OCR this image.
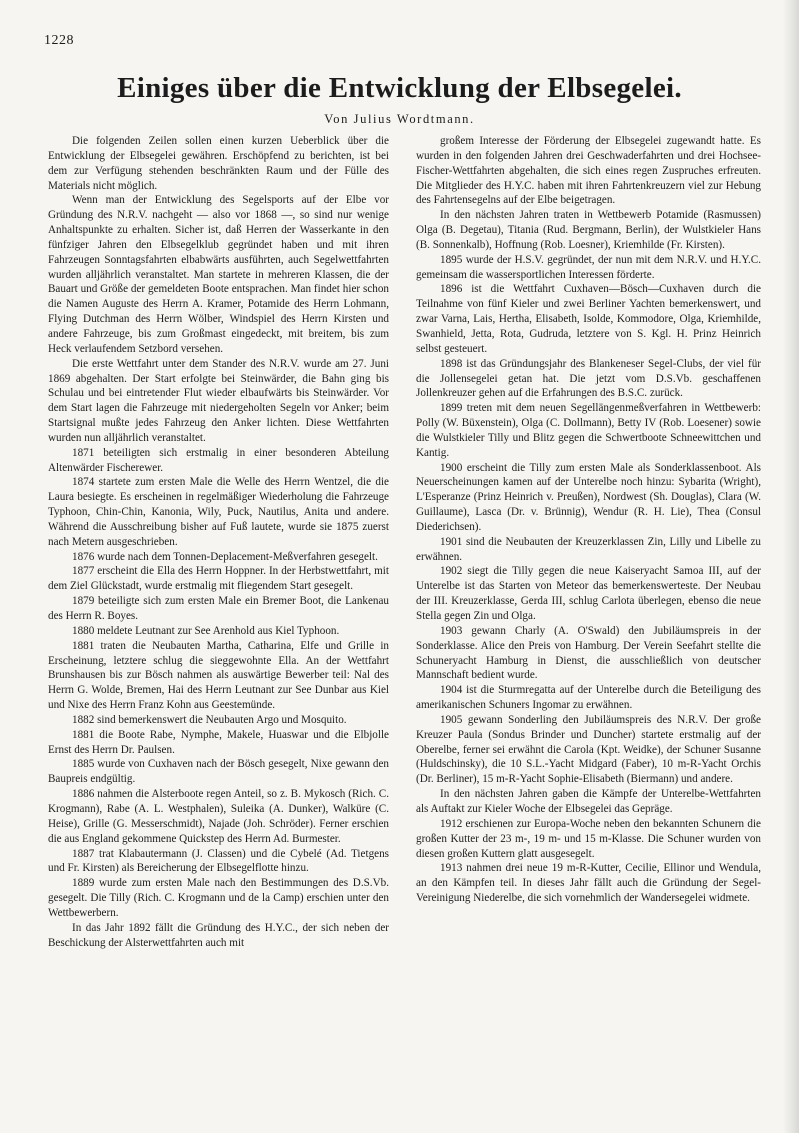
1228
Einiges über die Entwicklung der Elbsegelei.
Von Julius Wordtmann.

Die folgenden Zeilen sollen einen kurzen Ueberblick über die Entwicklung der Elbsegelei gewähren. Erschöpfend zu berichten, ist bei dem zur Verfügung stehenden beschränkten Raum und der Fülle des Materials nicht möglich.

Wenn man der Entwicklung des Segelsports auf der Elbe vor Gründung des N.R.V. nachgeht — also vor 1868 —, so sind nur wenige Anhaltspunkte zu erhalten. Sicher ist, daß Herren der Wasserkante in den fünfziger Jahren den Elbsegelklub gegründet haben und mit ihren Fahrzeugen Sonntagsfahrten elbabwärts ausführten, auch Segelwettfahrten wurden alljährlich veranstaltet. Man startete in mehreren Klassen, die der Bauart und Größe der gemeldeten Boote entsprachen. Man findet hier schon die Namen Auguste des Herrn A. Kramer, Potamide des Herrn Lohmann, Flying Dutchman des Herrn Wölber, Windspiel des Herrn Kirsten und andere Fahrzeuge, bis zum Großmast eingedeckt, mit breitem, bis zum Heck verlaufendem Setzbord versehen.

Die erste Wettfahrt unter dem Stander des N.R.V. wurde am 27. Juni 1869 abgehalten. Der Start erfolgte bei Steinwärder, die Bahn ging bis Schulau und bei eintretender Flut wieder elbaufwärts bis Steinwärder. Vor dem Start lagen die Fahrzeuge mit niedergeholten Segeln vor Anker; beim Startsignal mußte jedes Fahrzeug den Anker lichten. Diese Wettfahrten wurden nun alljährlich veranstaltet.

1871 beteiligten sich erstmalig in einer besonderen Abteilung Altenwärder Fischerewer.

1874 startete zum ersten Male die Welle des Herrn Wentzel, die die Laura besiegte. Es erscheinen in regelmäßiger Wiederholung die Fahrzeuge Typhoon, Chin-Chin, Kanonia, Wily, Puck, Nautilus, Anita und andere. Während die Ausschreibung bisher auf Fuß lautete, wurde sie 1875 zuerst nach Metern ausgeschrieben.

1876 wurde nach dem Tonnen-Deplacement-Meßverfahren gesegelt.

1877 erscheint die Ella des Herrn Hoppner. In der Herbstwettfahrt, mit dem Ziel Glückstadt, wurde erstmalig mit fliegendem Start gesegelt.

1879 beteiligte sich zum ersten Male ein Bremer Boot, die Lankenau des Herrn R. Boyes.

1880 meldete Leutnant zur See Arenhold aus Kiel Typhoon.

1881 traten die Neubauten Martha, Catharina, Elfe und Grille in Erscheinung, letztere schlug die sieggewohnte Ella. An der Wettfahrt Brunshausen bis zur Bösch nahmen als auswärtige Bewerber teil: Nal des Herrn G. Wolde, Bremen, Hai des Herrn Leutnant zur See Dunbar aus Kiel und Nixe des Herrn Franz Kohn aus Geestemünde.

1882 sind bemerkenswert die Neubauten Argo und Mosquito.

1881 die Boote Rabe, Nymphe, Makele, Huaswar und die Elbjolle Ernst des Herrn Dr. Paulsen.

1885 wurde von Cuxhaven nach der Bösch gesegelt, Nixe gewann den Baupreis endgültig.

1886 nahmen die Alsterboote regen Anteil, so z. B. Mykosch (Rich. C. Krogmann), Rabe (A. L. Westphalen), Suleika (A. Dunker), Walküre (C. Heise), Grille (G. Messerschmidt), Najade (Joh. Schröder). Ferner erschien die aus England gekommene Quickstep des Herrn Ad. Burmester.

1887 trat Klabautermann (J. Classen) und die Cybelé (Ad. Tietgens und Fr. Kirsten) als Bereicherung der Elbsegelflotte hinzu.

1889 wurde zum ersten Male nach den Bestimmungen des D.S.Vb. gesegelt. Die Tilly (Rich. C. Krogmann und de la Camp) erschien unter den Wettbewerbern.

In das Jahr 1892 fällt die Gründung des H.Y.C., der sich neben der Beschickung der Alsterwettfahrten auch mit

großem Interesse der Förderung der Elbsegelei zugewandt hatte. Es wurden in den folgenden Jahren drei Geschwaderfahrten und drei Hochsee-Fischer-Wettfahrten abgehalten, die sich eines regen Zuspruches erfreuten. Die Mitglieder des H.Y.C. haben mit ihren Fahrtenkreuzern viel zur Hebung des Fahrtensegelns auf der Elbe beigetragen.

In den nächsten Jahren traten in Wettbewerb Potamide (Rasmussen) Olga (B. Degetau), Titania (Rud. Bergmann, Berlin), der Wulstkieler Hans (B. Sonnenkalb), Hoffnung (Rob. Loesner), Kriemhilde (Fr. Kirsten).

1895 wurde der H.S.V. gegründet, der nun mit dem N.R.V. und H.Y.C. gemeinsam die wassersportlichen Interessen förderte.

1896 ist die Wettfahrt Cuxhaven—Bösch—Cuxhaven durch die Teilnahme von fünf Kieler und zwei Berliner Yachten bemerkenswert, und zwar Varna, Lais, Hertha, Elisabeth, Isolde, Kommodore, Olga, Kriemhilde, Swanhield, Jetta, Rota, Gudruda, letztere von S. Kgl. H. Prinz Heinrich selbst gesteuert.

1898 ist das Gründungsjahr des Blankeneser Segel-Clubs, der viel für die Jollensegelei getan hat. Die jetzt vom D.S.Vb. geschaffenen Jollenkreuzer gehen auf die Erfahrungen des B.S.C. zurück.

1899 treten mit dem neuen Segellängenmeßverfahren in Wettbewerb: Polly (W. Büxenstein), Olga (C. Dollmann), Betty IV (Rob. Loesener) sowie die Wulstkieler Tilly und Blitz gegen die Schwertboote Schneewittchen und Kantig.

1900 erscheint die Tilly zum ersten Male als Sonderklassenboot. Als Neuerscheinungen kamen auf der Unterelbe noch hinzu: Sybarita (Wright), L'Esperanze (Prinz Heinrich v. Preußen), Nordwest (Sh. Douglas), Clara (W. Guillaume), Lasca (Dr. v. Brünnig), Wendur (R. H. Lie), Thea (Consul Diederichsen).

1901 sind die Neubauten der Kreuzerklassen Zin, Lilly und Libelle zu erwähnen.

1902 siegt die Tilly gegen die neue Kaiseryacht Samoa III, auf der Unterelbe ist das Starten von Meteor das bemerkenswerteste. Der Neubau der III. Kreuzerklasse, Gerda III, schlug Carlota überlegen, ebenso die neue Stella gegen Zin und Olga.

1903 gewann Charly (A. O'Swald) den Jubiläumspreis in der Sonderklasse. Alice den Preis von Hamburg. Der Verein Seefahrt stellte die Schuneryacht Hamburg in Dienst, die ausschließlich von deutscher Mannschaft bedient wurde.

1904 ist die Sturmregatta auf der Unterelbe durch die Beteiligung des amerikanischen Schuners Ingomar zu erwähnen.

1905 gewann Sonderling den Jubiläumspreis des N.R.V. Der große Kreuzer Paula (Sondus Brinder und Duncher) startete erstmalig auf der Oberelbe, ferner sei erwähnt die Carola (Kpt. Weidke), der Schuner Susanne (Huldschinsky), die 10 S.L.-Yacht Midgard (Faber), 10 m-R-Yacht Orchis (Dr. Berliner), 15 m-R-Yacht Sophie-Elisabeth (Biermann) und andere.

In den nächsten Jahren gaben die Kämpfe der Unterelbe-Wettfahrten als Auftakt zur Kieler Woche der Elbsegelei das Gepräge.

1912 erschienen zur Europa-Woche neben den bekannten Schunern die großen Kutter der 23 m-, 19 m- und 15 m-Klasse. Die Schuner wurden von diesen großen Kuttern glatt ausgesegelt.

1913 nahmen drei neue 19 m-R-Kutter, Cecilie, Ellinor und Wendula, an den Kämpfen teil. In dieses Jahr fällt auch die Gründung der Segel-Vereinigung Niederelbe, die sich vornehmlich der Wandersegelei widmete.
